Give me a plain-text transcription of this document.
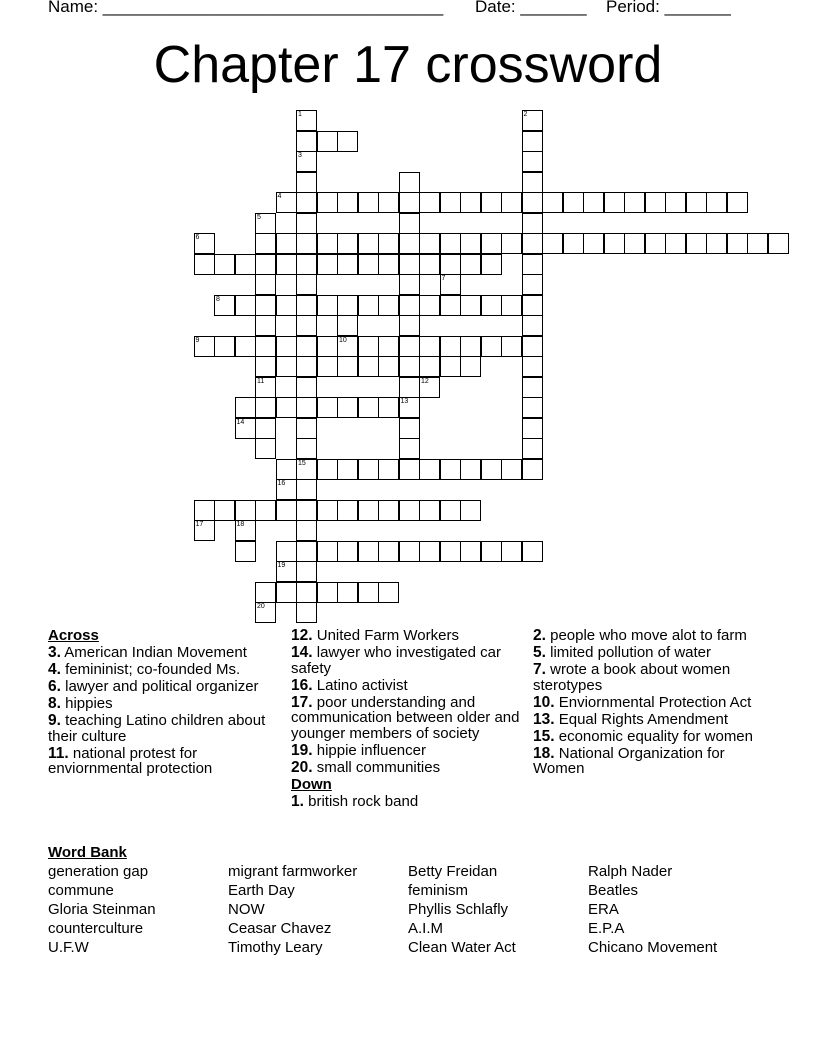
Name: ____________________________________ Date: _______ Period: _______
Chapter 17 crossword
1
3
15
4
13
8
9	10
18
5
11
2
6
7
12
14
16
17
19
20
Across
3. American Indian Movement
4. femininist; co-founded Ms.
6. lawyer and political organizer
8. hippies
9. teaching Latino children about their culture
11. national protest for enviornmental protection
12. United Farm Workers
14. lawyer who investigated car safety
16. Latino activist
17. poor understanding and communication between older and younger members of society
19. hippie influencer
20. small communities
Down
1. british rock band
2. people who move alot to farm
5. limited pollution of water
7. wrote a book about women sterotypes
10. Enviornmental Protection Act
13. Equal Rights Amendment
15. economic equality for women
18. National Organization for Women
Word Bank
generation gap
commune
Gloria Steinman
counterculture
U.F.W
migrant farmworker
Earth Day
NOW
Ceasar Chavez
Timothy Leary
Betty Freidan
feminism
Phyllis Schlafly
A.I.M
Clean Water Act
Ralph Nader
Beatles
ERA
E.P.A
Chicano Movement
